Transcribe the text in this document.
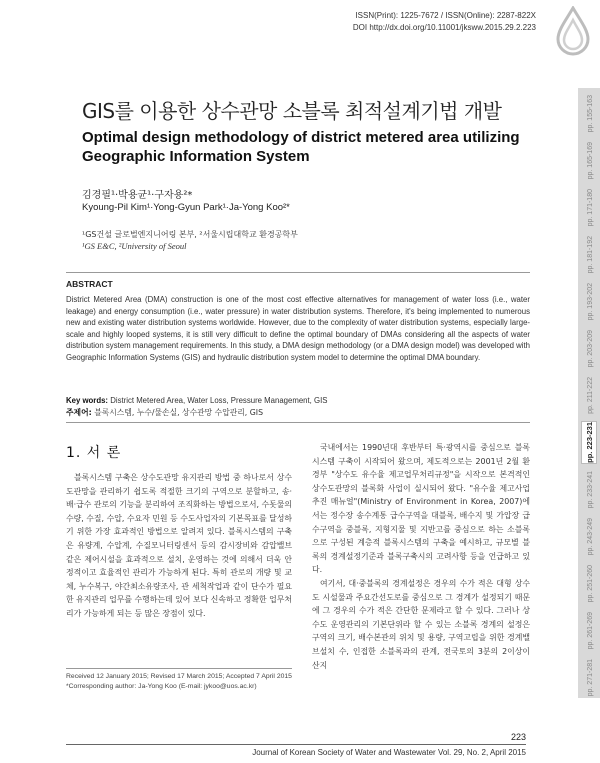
ISSN(Print): 1225-7672 / ISSN(Online): 2287-822X
DOI http://dx.doi.org/10.11001/jksww.2015.29.2.223
pp. 155-163
pp. 165-169
pp. 171-180
pp. 181-192
pp. 193-202
pp. 203-209
pp. 211-222
pp. 223-231
pp. 233-241
pp. 243-249
pp. 251-260
pp. 261-269
pp. 271-281
GIS를 이용한 상수관망 소블록 최적설계기법 개발
Optimal design methodology of district metered area utilizing Geographic Information System
김경필¹·박용균¹·구자용²*
Kyoung-Pil Kim¹·Yong-Gyun Park¹·Ja-Yong Koo²*
¹GS건설 글로벌엔지니어링 본부, ²서울시립대학교 환경공학부
¹GS E&C, ²University of Seoul
ABSTRACT
District Metered Area (DMA) construction is one of the most cost effective alternatives for management of water loss (i.e., water leakage) and energy consumption (i.e., water pressure) in water distribution systems. Therefore, it's being implemented to numerous new and existing water distribution systems worldwide. However, due to the complexity of water distribution systems, especially large-scale and highly looped systems, it is still very difficult to define the optimal boundary of DMAs considering all the aspects of water distribution system management requirements. In this study, a DMA design methodology (or a DMA design model) was developed with Geographic Information Systems (GIS) and hydraulic distribution system model to determine the optimal DMA boundary.
Key words: District Metered Area, Water Loss, Pressure Management, GIS
주제어: 블록시스템, 누수/물손실, 상수관망 수압관리, GIS
1. 서 론

블록시스템 구축은 상수도관망 유지관리 방법 중 하나로서 상수도관망을 관리하기 쉽도록 적절한 크기의 구역으로 분할하고, 송·배·급수 관로의 기능을 분리하여 조직화하는 방법으로서, 수돗물의 수량, 수질, 수압, 수요자 민원 등 수도사업자의 기본목표를 달성하기 위한 가장 효과적인 방법으로 알려져 있다. 블록시스템의 구축은 유량계, 수압계, 수질모니터링센서 등의 감시장비와 감압밸브 같은 제어시설을 효과적으로 설치, 운영하는 것에 의해서 더욱 안정적이고 효율적인 관리가 가능하게 된다. 특히 관로의 개량 및 교체, 누수복구, 야간최소유량조사, 관 세척작업과 같이 단수가 필요한 유지관리 업무를 수행하는데 있어 보다 신속하고 정확한 업무처리가 가능하게 되는 등 많은 장점이 있다.

국내에서는 1990년대 후반부터 특·광역시를 중심으로 블록시스템 구축이 시작되어 왔으며, 제도적으로는 2001년 2월 환경부 "상수도 유수율 제고업무처리규정"을 시작으로 본격적인 상수도관망의 블록화 사업이 실시되어 왔다. "유수율 제고사업 추진 매뉴얼"(Ministry of Environment in Korea, 2007)에서는 정수장 송수계통 급수구역을 대블록, 배수지 및 가압장 급수구역을 중블록, 지형지물 및 지반고를 중심으로 하는 소블록으로 구성된 계층적 블록시스템의 구축을 예시하고, 규모별 블록의 경계설정기준과 블록구축시의 고려사항 등을 언급하고 있다.

여기서, 대·중블록의 경계설정은 경우의 수가 적은 대형 상수도 시설물과 주요간선도로를 중심으로 그 경계가 설정되기 때문에 그 경우의 수가 적은 간단한 문제라고 할 수 있다. 그러나 상수도 운영관리의 기본단위라 할 수 있는 소블록 경계의 설정은 구역의 크기, 배수본관의 위치 및 용량, 구역고립을 위한 경계밸브설치 수, 인접한 소블록과의 관계, 전국토의 3분의 2이상이 산지

Received 12 January 2015; Revised 17 March 2015; Accepted 7 April 2015
*Corresponding author: Ja-Yong Koo (E-mail: jykoo@uos.ac.kr)
223
Journal of Korean Society of Water and Wastewater Vol. 29, No. 2, April 2015
